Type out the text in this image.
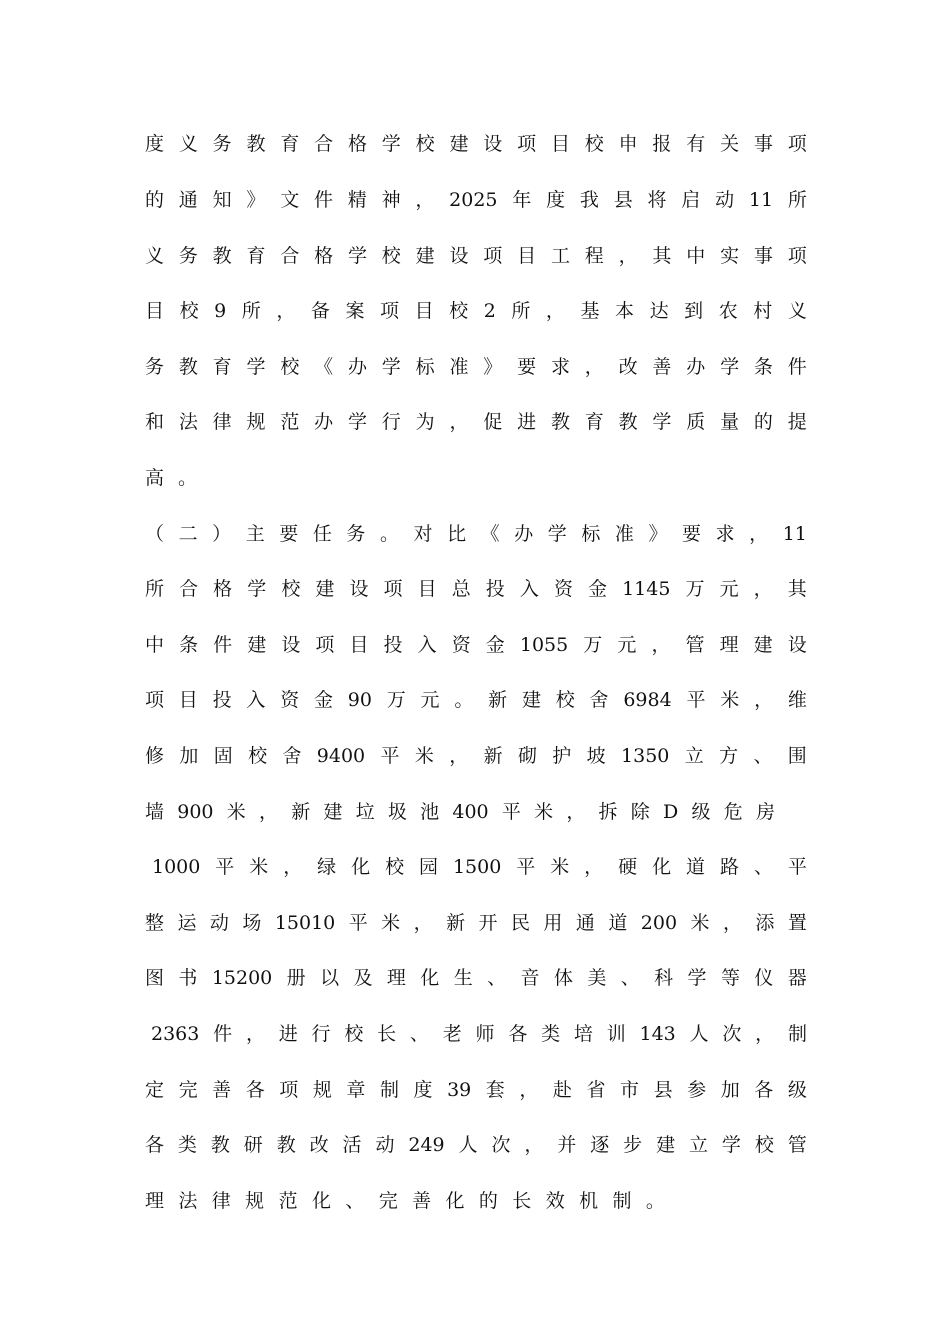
度 义 务 教 育 合 格 学 校 建 设 项 目 校 申 报 有 关 事 项
的 通 知 》 文 件 精 神 ， 2025 年 度 我 县 将 启 动 11 所
义 务 教 育 合 格 学 校 建 设 项 目 工 程 ， 其 中 实 事 项
目 校 9 所 ， 备 案 项 目 校 2 所 ， 基 本 达 到 农 村 义
务 教 育 学 校 《 办 学 标 准 》 要 求 ， 改 善 办 学 条 件
和 法 律 规 范 办 学 行 为 ， 促 进 教 育 教 学 质 量 的 提
高 。
（ 二 ） 主 要 任 务 。 对 比 《 办 学 标 准 》 要 求 ， 11
所 合 格 学 校 建 设 项 目 总 投 入 资 金 1145 万 元 ， 其
中 条 件 建 设 项 目 投 入 资 金 1055 万 元 ， 管 理 建 设
项 目 投 入 资 金 90 万 元 。 新 建 校 舍 6984 平 米 ， 维
修 加 固 校 舍 9400 平 米 ， 新 砌 护 坡 1350 立 方 、 围
墙 900 米 ， 新 建 垃 圾 池 400 平 米 ， 拆 除 D 级 危 房
1000 平 米 ， 绿 化 校 园 1500 平 米 ， 硬 化 道 路 、 平
整 运 动 场 15010 平 米 ， 新 开 民 用 通 道 200 米 ， 添 置
图 书 15200 册 以 及 理 化 生 、 音 体 美 、 科 学 等 仪 器
2363 件 ， 进 行 校 长 、 老 师 各 类 培 训 143 人 次 ， 制
定 完 善 各 项 规 章 制 度 39 套 ， 赴 省 市 县 参 加 各 级
各 类 教 研 教 改 活 动 249 人 次 ， 并 逐 步 建 立 学 校 管
理 法 律 规 范 化 、 完 善 化 的 长 效 机 制 。
